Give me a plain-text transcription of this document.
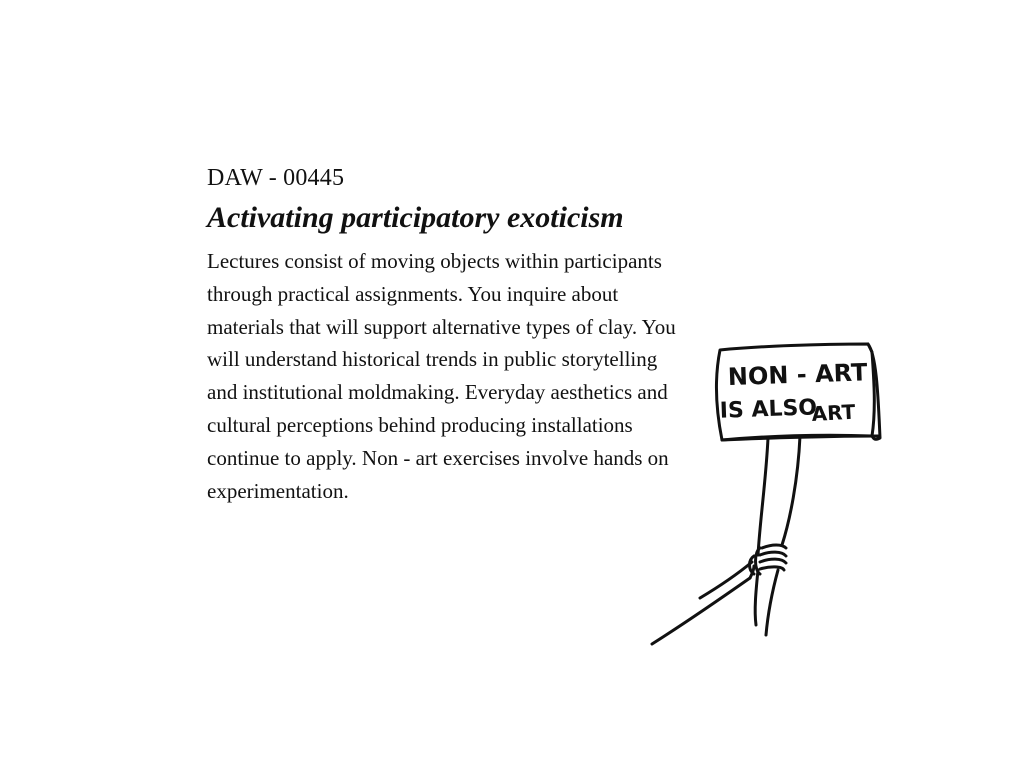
DAW - 00445

Activating participatory exoticism

Lectures consist of moving objects within participants through practical assignments. You inquire about materials that will support alternative types of clay. You will understand historical trends in public storytelling and institutional moldmaking. Everyday aesthetics and cultural perceptions behind producing installations continue to apply. Non - art exercises involve hands on experimentation.

NON - ART
IS ALSO
ART
